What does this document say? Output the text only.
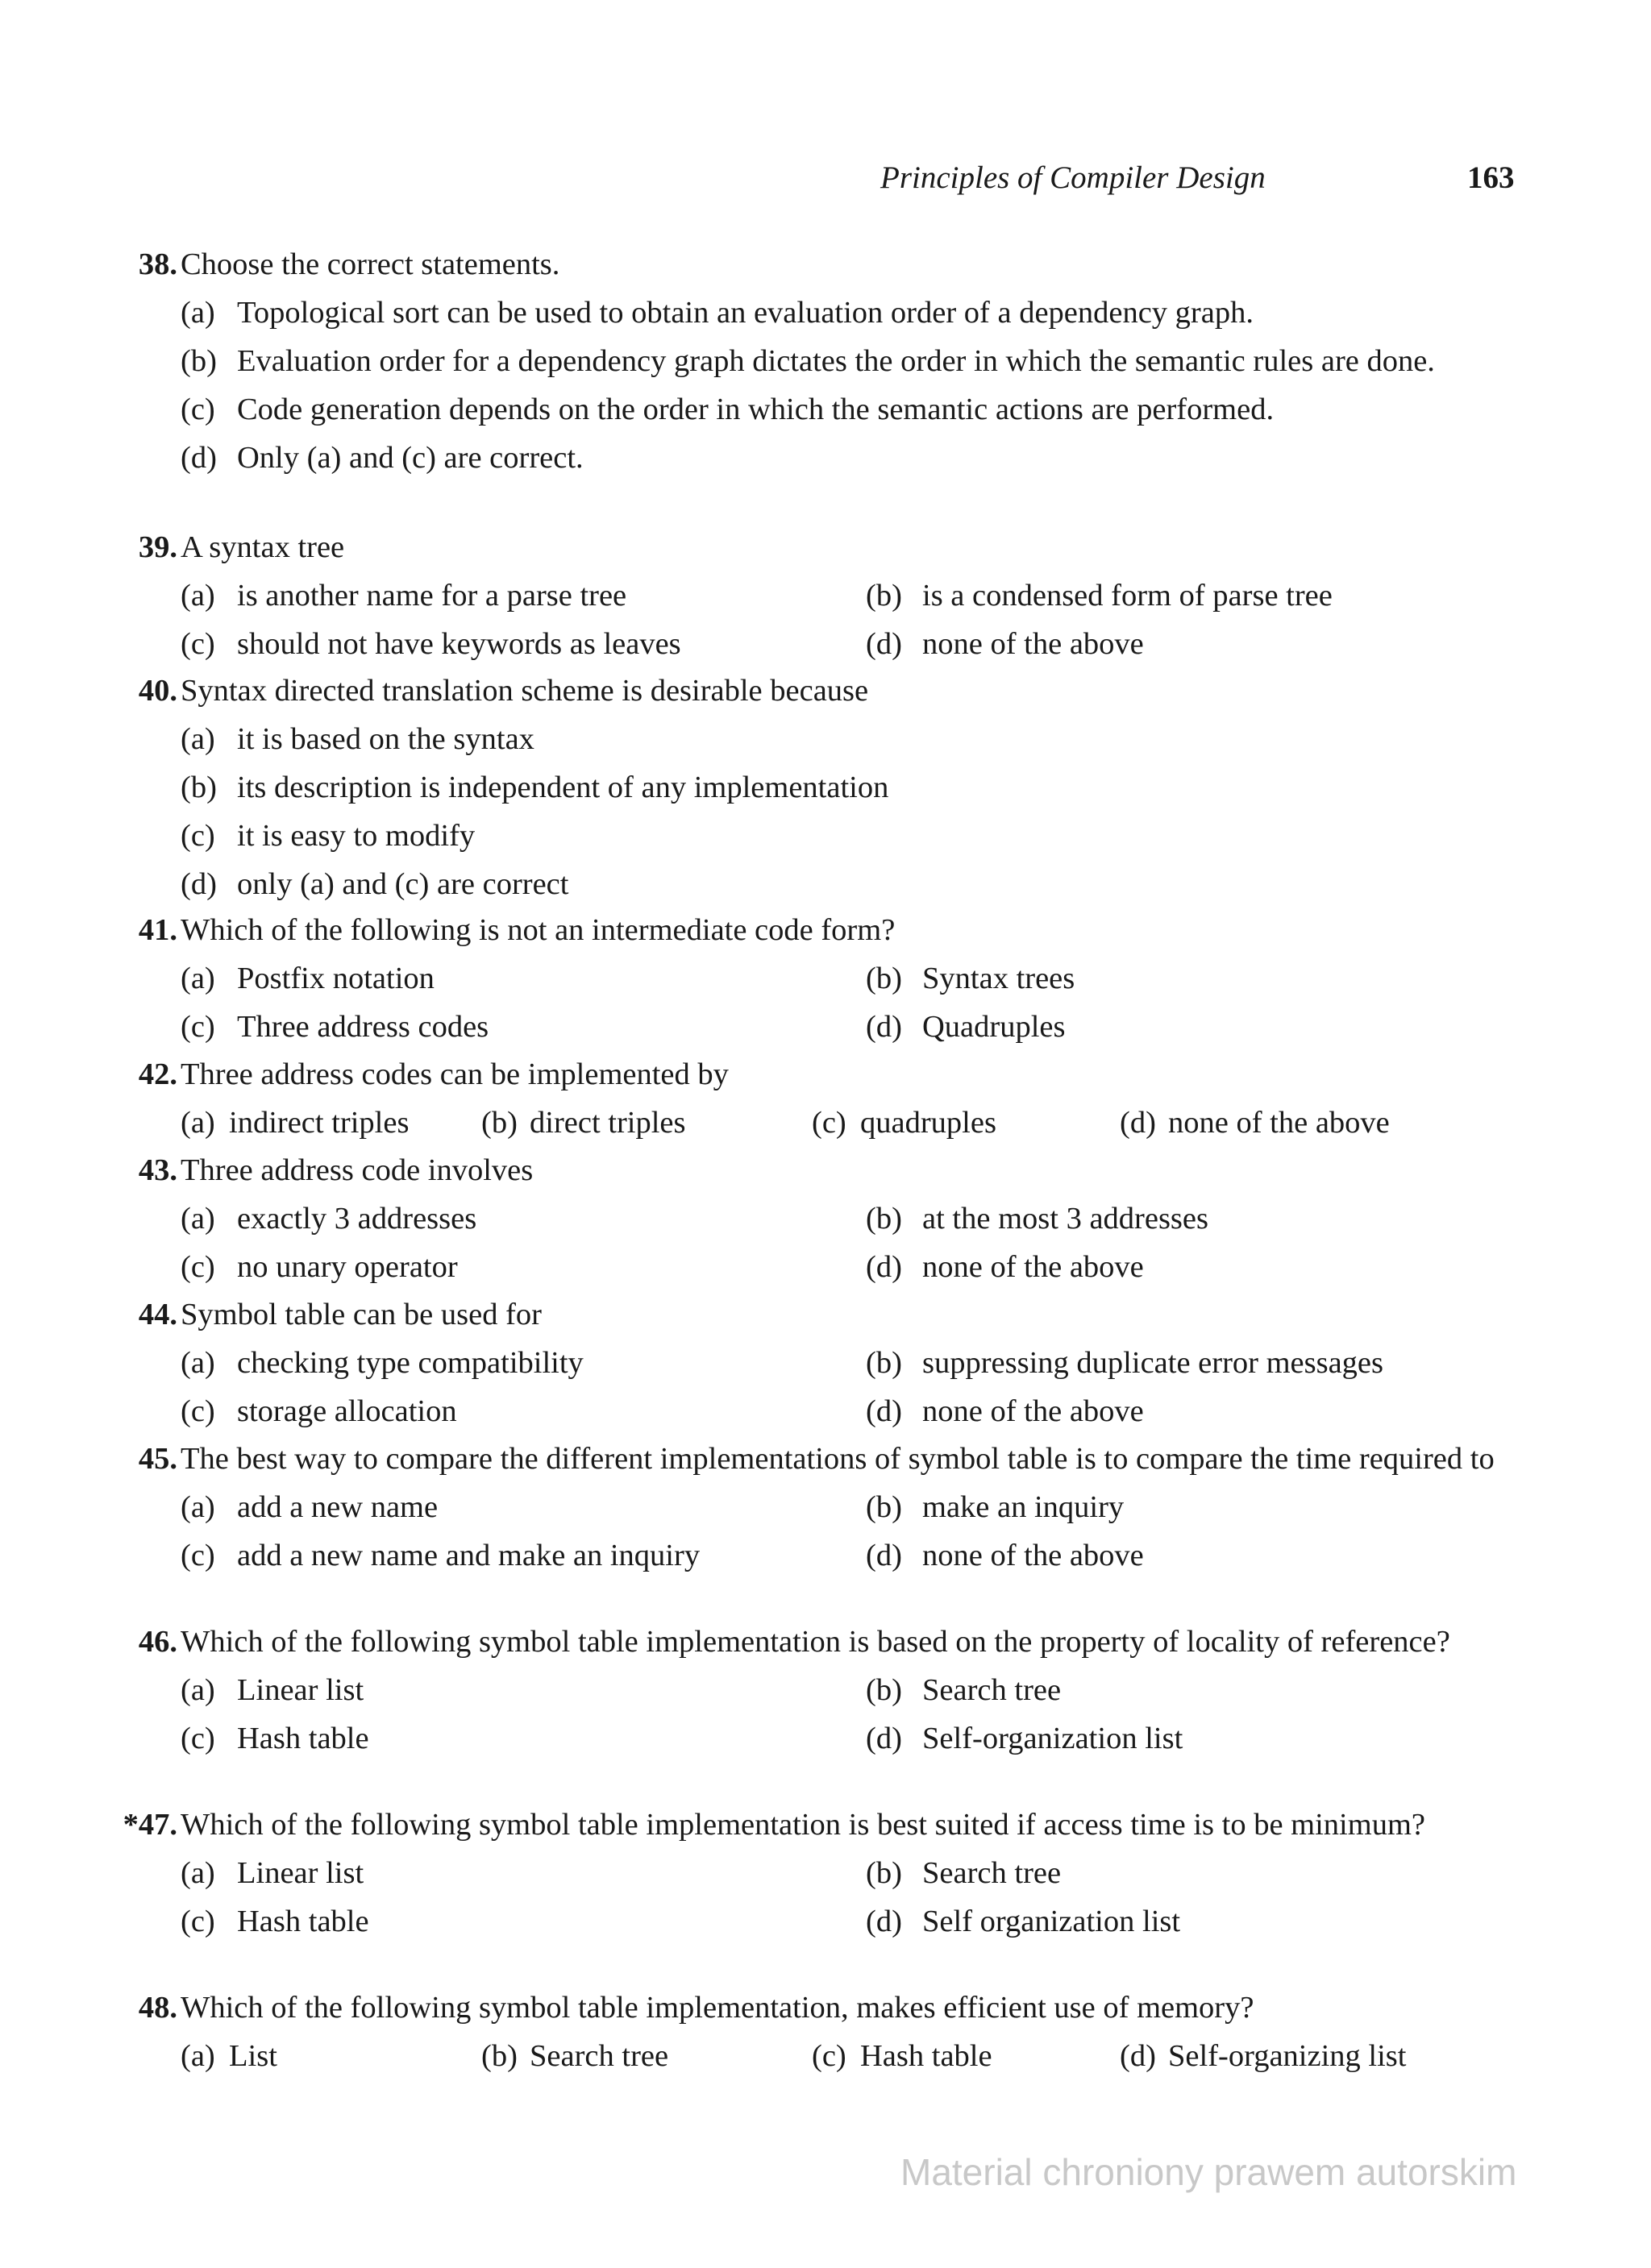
Principles of Compiler Design	163
38. Choose the correct statements.
(a) Topological sort can be used to obtain an evaluation order of a dependency graph.
(b) Evaluation order for a dependency graph dictates the order in which the semantic rules are done.
(c) Code generation depends on the order in which the semantic actions are performed.
(d) Only (a) and (c) are correct.
39. A syntax tree
(a) is another name for a parse tree	(b) is a condensed form of parse tree
(c) should not have keywords as leaves	(d) none of the above
40. Syntax directed translation scheme is desirable because
(a) it is based on the syntax
(b) its description is independent of any implementation
(c) it is easy to modify
(d) only (a) and (c) are correct
41. Which of the following is not an intermediate code form?
(a) Postfix notation	(b) Syntax trees
(c) Three address codes	(d) Quadruples
42. Three address codes can be implemented by
(a) indirect triples	(b) direct triples	(c) quadruples	(d) none of the above
43. Three address code involves
(a) exactly 3 addresses	(b) at the most 3 addresses
(c) no unary operator	(d) none of the above
44. Symbol table can be used for
(a) checking type compatibility	(b) suppressing duplicate error messages
(c) storage allocation	(d) none of the above
45. The best way to compare the different implementations of symbol table is to compare the time required to
(a) add a new name	(b) make an inquiry
(c) add a new name and make an inquiry	(d) none of the above
46. Which of the following symbol table implementation is based on the property of locality of reference?
(a) Linear list	(b) Search tree
(c) Hash table	(d) Self-organization list
*47. Which of the following symbol table implementation is best suited if access time is to be minimum?
(a) Linear list	(b) Search tree
(c) Hash table	(d) Self organization list
48. Which of the following symbol table implementation, makes efficient use of memory?
(a) List	(b) Search tree	(c) Hash table	(d) Self-organizing list
Material chroniony prawem autorskim
